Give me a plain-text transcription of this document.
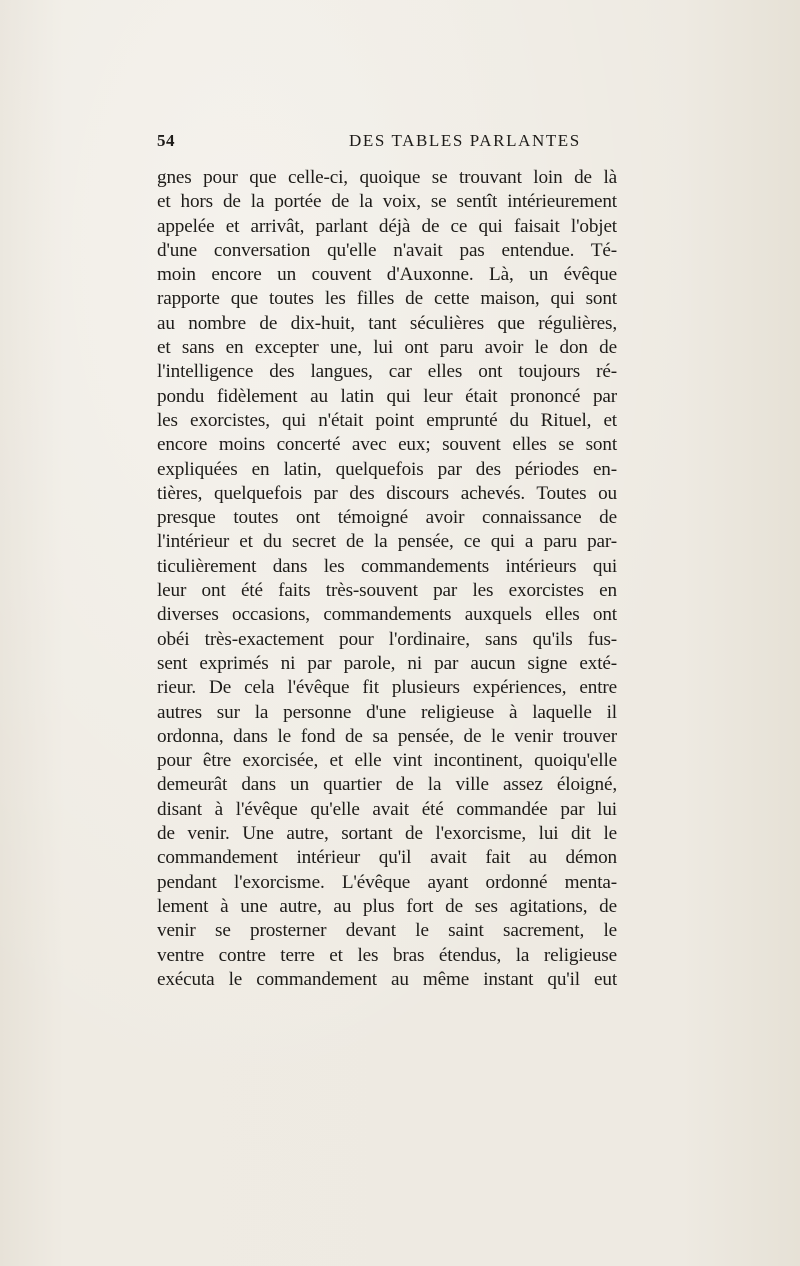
54	DES TABLES PARLANTES
gnes pour que celle-ci, quoique se trouvant loin de là
et hors de la portée de la voix, se sentît intérieurement
appelée et arrivât, parlant déjà de ce qui faisait l'objet
d'une conversation qu'elle n'avait pas entendue. Té-
moin encore un couvent d'Auxonne. Là, un évêque
rapporte que toutes les filles de cette maison, qui sont
au nombre de dix-huit, tant séculières que régulières,
et sans en excepter une, lui ont paru avoir le don de
l'intelligence des langues, car elles ont toujours ré-
pondu fidèlement au latin qui leur était prononcé par
les exorcistes, qui n'était point emprunté du Rituel, et
encore moins concerté avec eux; souvent elles se sont
expliquées en latin, quelquefois par des périodes en-
tières, quelquefois par des discours achevés. Toutes ou
presque toutes ont témoigné avoir connaissance de
l'intérieur et du secret de la pensée, ce qui a paru par-
ticulièrement dans les commandements intérieurs qui
leur ont été faits très-souvent par les exorcistes en
diverses occasions, commandements auxquels elles ont
obéi très-exactement pour l'ordinaire, sans qu'ils fus-
sent exprimés ni par parole, ni par aucun signe exté-
rieur. De cela l'évêque fit plusieurs expériences, entre
autres sur la personne d'une religieuse à laquelle il
ordonna, dans le fond de sa pensée, de le venir trouver
pour être exorcisée, et elle vint incontinent, quoiqu'elle
demeurât dans un quartier de la ville assez éloigné,
disant à l'évêque qu'elle avait été commandée par lui
de venir. Une autre, sortant de l'exorcisme, lui dit le
commandement intérieur qu'il avait fait au démon
pendant l'exorcisme. L'évêque ayant ordonné menta-
lement à une autre, au plus fort de ses agitations, de
venir se prosterner devant le saint sacrement, le
ventre contre terre et les bras étendus, la religieuse
exécuta le commandement au même instant qu'il eut
